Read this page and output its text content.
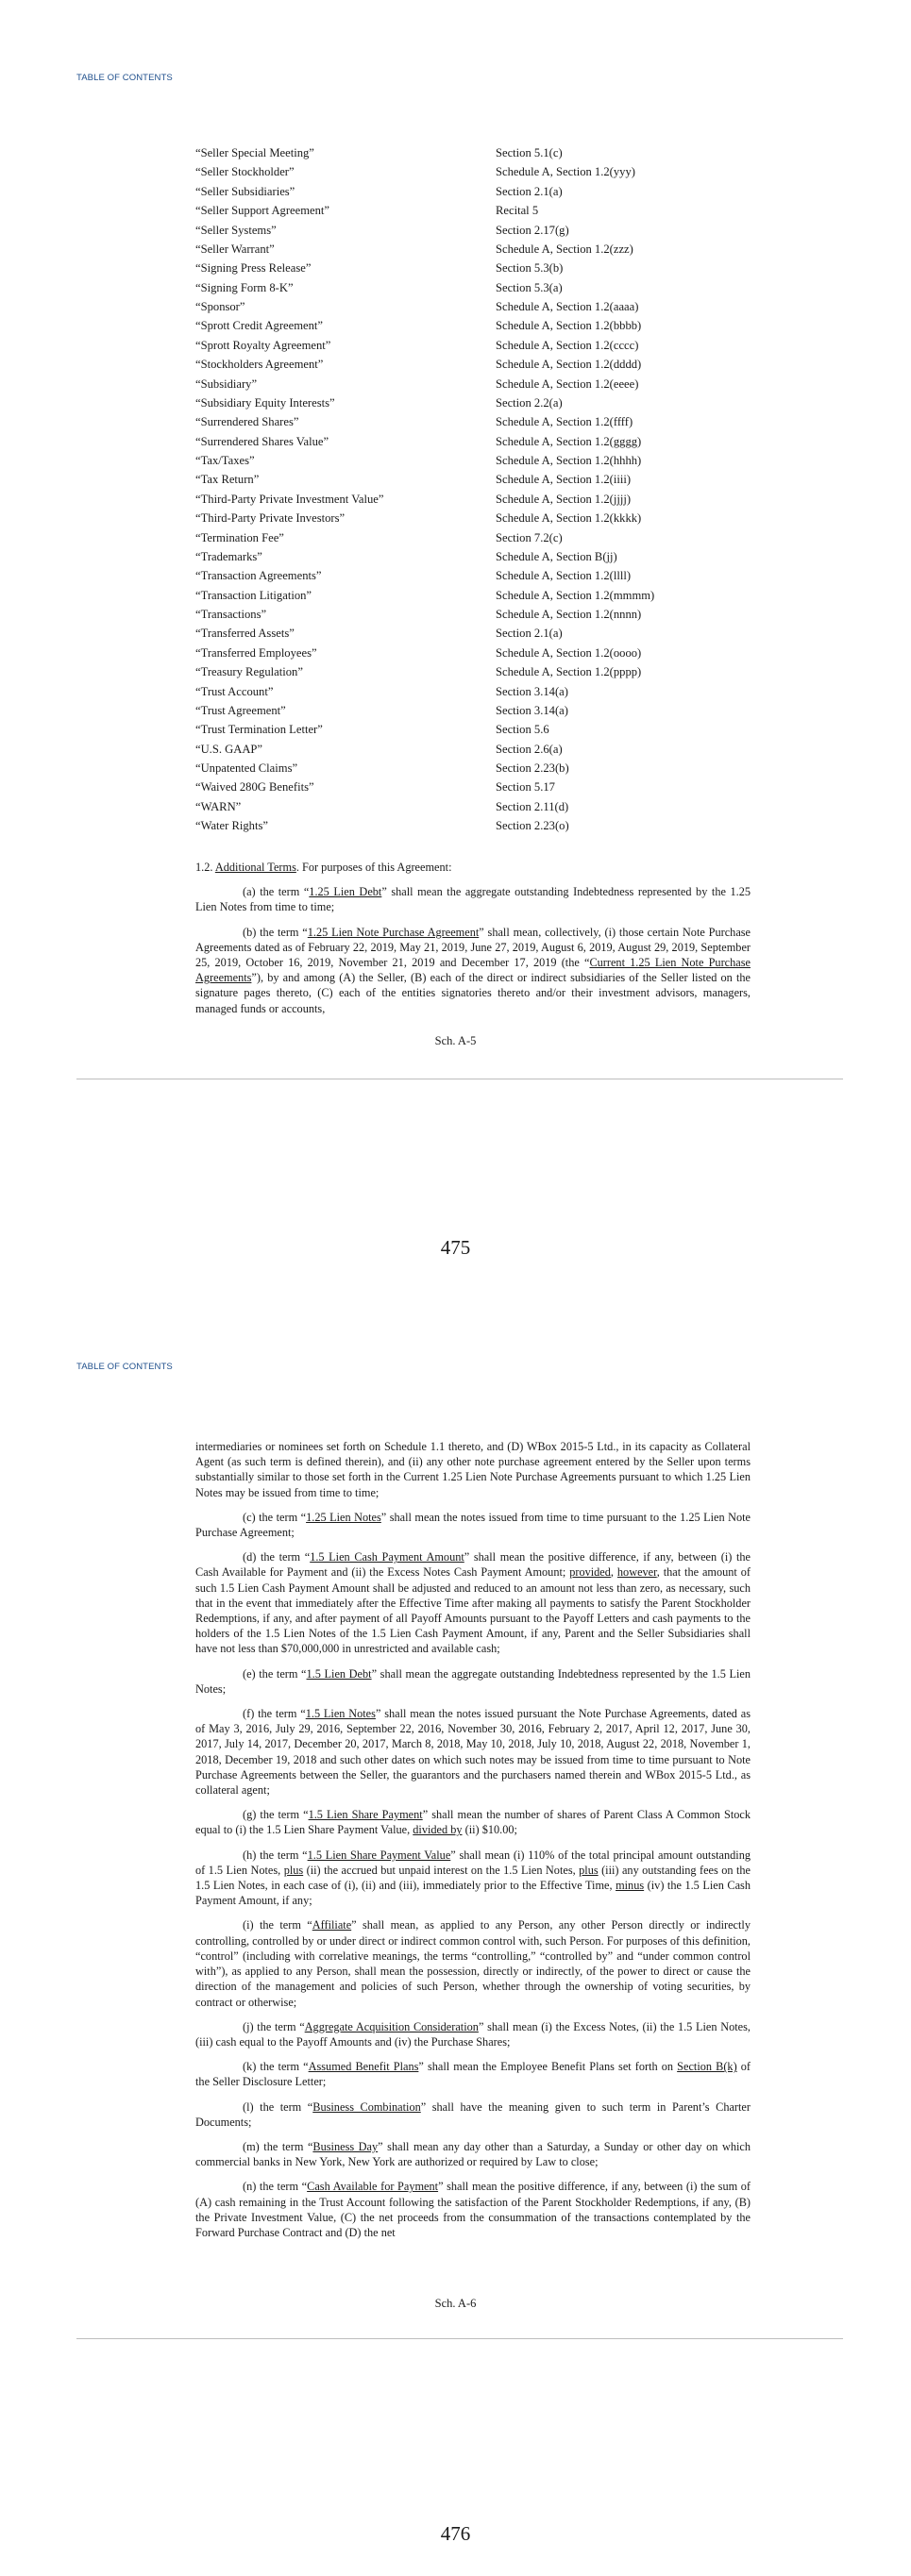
TABLE OF CONTENTS
“Seller Special Meeting”	Section 5.1(c)
“Seller Stockholder”	Schedule A, Section 1.2(yyy)
“Seller Subsidiaries”	Section 2.1(a)
“Seller Support Agreement”	Recital 5
“Seller Systems”	Section 2.17(g)
“Seller Warrant”	Schedule A, Section 1.2(zzz)
“Signing Press Release”	Section 5.3(b)
“Signing Form 8-K”	Section 5.3(a)
“Sponsor”	Schedule A, Section 1.2(aaaa)
“Sprott Credit Agreement”	Schedule A, Section 1.2(bbbb)
“Sprott Royalty Agreement”	Schedule A, Section 1.2(cccc)
“Stockholders Agreement”	Schedule A, Section 1.2(dddd)
“Subsidiary”	Schedule A, Section 1.2(eeee)
“Subsidiary Equity Interests”	Section 2.2(a)
“Surrendered Shares”	Schedule A, Section 1.2(ffff)
“Surrendered Shares Value”	Schedule A, Section 1.2(gggg)
“Tax/Taxes”	Schedule A, Section 1.2(hhhh)
“Tax Return”	Schedule A, Section 1.2(iiii)
“Third-Party Private Investment Value”	Schedule A, Section 1.2(jjjj)
“Third-Party Private Investors”	Schedule A, Section 1.2(kkkk)
“Termination Fee”	Section 7.2(c)
“Trademarks”	Schedule A, Section B(jj)
“Transaction Agreements”	Schedule A, Section 1.2(llll)
“Transaction Litigation”	Schedule A, Section 1.2(mmmm)
“Transactions”	Schedule A, Section 1.2(nnnn)
“Transferred Assets”	Section 2.1(a)
“Transferred Employees”	Schedule A, Section 1.2(oooo)
“Treasury Regulation”	Schedule A, Section 1.2(pppp)
“Trust Account”	Section 3.14(a)
“Trust Agreement”	Section 3.14(a)
“Trust Termination Letter”	Section 5.6
“U.S. GAAP”	Section 2.6(a)
“Unpatented Claims”	Section 2.23(b)
“Waived 280G Benefits”	Section 5.17
“WARN”	Section 2.11(d)
“Water Rights”	Section 2.23(o)

1.2. Additional Terms. For purposes of this Agreement:

(a) the term “1.25 Lien Debt” shall mean the aggregate outstanding Indebtedness represented by the 1.25 Lien Notes from time to time;

(b) the term “1.25 Lien Note Purchase Agreement” shall mean, collectively, (i) those certain Note Purchase Agreements dated as of February 22, 2019, May 21, 2019, June 27, 2019, August 6, 2019, August 29, 2019, September 25, 2019, October 16, 2019, November 21, 2019 and December 17, 2019 (the “Current 1.25 Lien Note Purchase Agreements”), by and among (A) the Seller, (B) each of the direct or indirect subsidiaries of the Seller listed on the signature pages thereto, (C) each of the entities signatories thereto and/or their investment advisors, managers, managed funds or accounts,

Sch. A-5
475
TABLE OF CONTENTS

intermediaries or nominees set forth on Schedule 1.1 thereto, and (D) WBox 2015-5 Ltd., in its capacity as Collateral Agent (as such term is defined therein), and (ii) any other note purchase agreement entered by the Seller upon terms substantially similar to those set forth in the Current 1.25 Lien Note Purchase Agreements pursuant to which 1.25 Lien Notes may be issued from time to time;

(c) the term “1.25 Lien Notes” shall mean the notes issued from time to time pursuant to the 1.25 Lien Note Purchase Agreement;

(d) the term “1.5 Lien Cash Payment Amount” shall mean the positive difference, if any, between (i) the Cash Available for Payment and (ii) the Excess Notes Cash Payment Amount; provided, however, that the amount of such 1.5 Lien Cash Payment Amount shall be adjusted and reduced to an amount not less than zero, as necessary, such that in the event that immediately after the Effective Time after making all payments to satisfy the Parent Stockholder Redemptions, if any, and after payment of all Payoff Amounts pursuant to the Payoff Letters and cash payments to the holders of the 1.5 Lien Notes of the 1.5 Lien Cash Payment Amount, if any, Parent and the Seller Subsidiaries shall have not less than $70,000,000 in unrestricted and available cash;

(e) the term “1.5 Lien Debt” shall mean the aggregate outstanding Indebtedness represented by the 1.5 Lien Notes;

(f) the term “1.5 Lien Notes” shall mean the notes issued pursuant the Note Purchase Agreements, dated as of May 3, 2016, July 29, 2016, September 22, 2016, November 30, 2016, February 2, 2017, April 12, 2017, June 30, 2017, July 14, 2017, December 20, 2017, March 8, 2018, May 10, 2018, July 10, 2018, August 22, 2018, November 1, 2018, December 19, 2018 and such other dates on which such notes may be issued from time to time pursuant to Note Purchase Agreements between the Seller, the guarantors and the purchasers named therein and WBox 2015-5 Ltd., as collateral agent;

(g) the term “1.5 Lien Share Payment” shall mean the number of shares of Parent Class A Common Stock equal to (i) the 1.5 Lien Share Payment Value, divided by (ii) $10.00;

(h) the term “1.5 Lien Share Payment Value” shall mean (i) 110% of the total principal amount outstanding of 1.5 Lien Notes, plus (ii) the accrued but unpaid interest on the 1.5 Lien Notes, plus (iii) any outstanding fees on the 1.5 Lien Notes, in each case of (i), (ii) and (iii), immediately prior to the Effective Time, minus (iv) the 1.5 Lien Cash Payment Amount, if any;

(i) the term “Affiliate” shall mean, as applied to any Person, any other Person directly or indirectly controlling, controlled by or under direct or indirect common control with, such Person. For purposes of this definition, “control” (including with correlative meanings, the terms “controlling,” “controlled by” and “under common control with”), as applied to any Person, shall mean the possession, directly or indirectly, of the power to direct or cause the direction of the management and policies of such Person, whether through the ownership of voting securities, by contract or otherwise;

(j) the term “Aggregate Acquisition Consideration” shall mean (i) the Excess Notes, (ii) the 1.5 Lien Notes, (iii) cash equal to the Payoff Amounts and (iv) the Purchase Shares;

(k) the term “Assumed Benefit Plans” shall mean the Employee Benefit Plans set forth on Section B(k) of the Seller Disclosure Letter;

(l) the term “Business Combination” shall have the meaning given to such term in Parent’s Charter Documents;

(m) the term “Business Day” shall mean any day other than a Saturday, a Sunday or other day on which commercial banks in New York, New York are authorized or required by Law to close;

(n) the term “Cash Available for Payment” shall mean the positive difference, if any, between (i) the sum of (A) cash remaining in the Trust Account following the satisfaction of the Parent Stockholder Redemptions, if any, (B) the Private Investment Value, (C) the net proceeds from the consummation of the transactions contemplated by the Forward Purchase Contract and (D) the net

Sch. A-6
476
